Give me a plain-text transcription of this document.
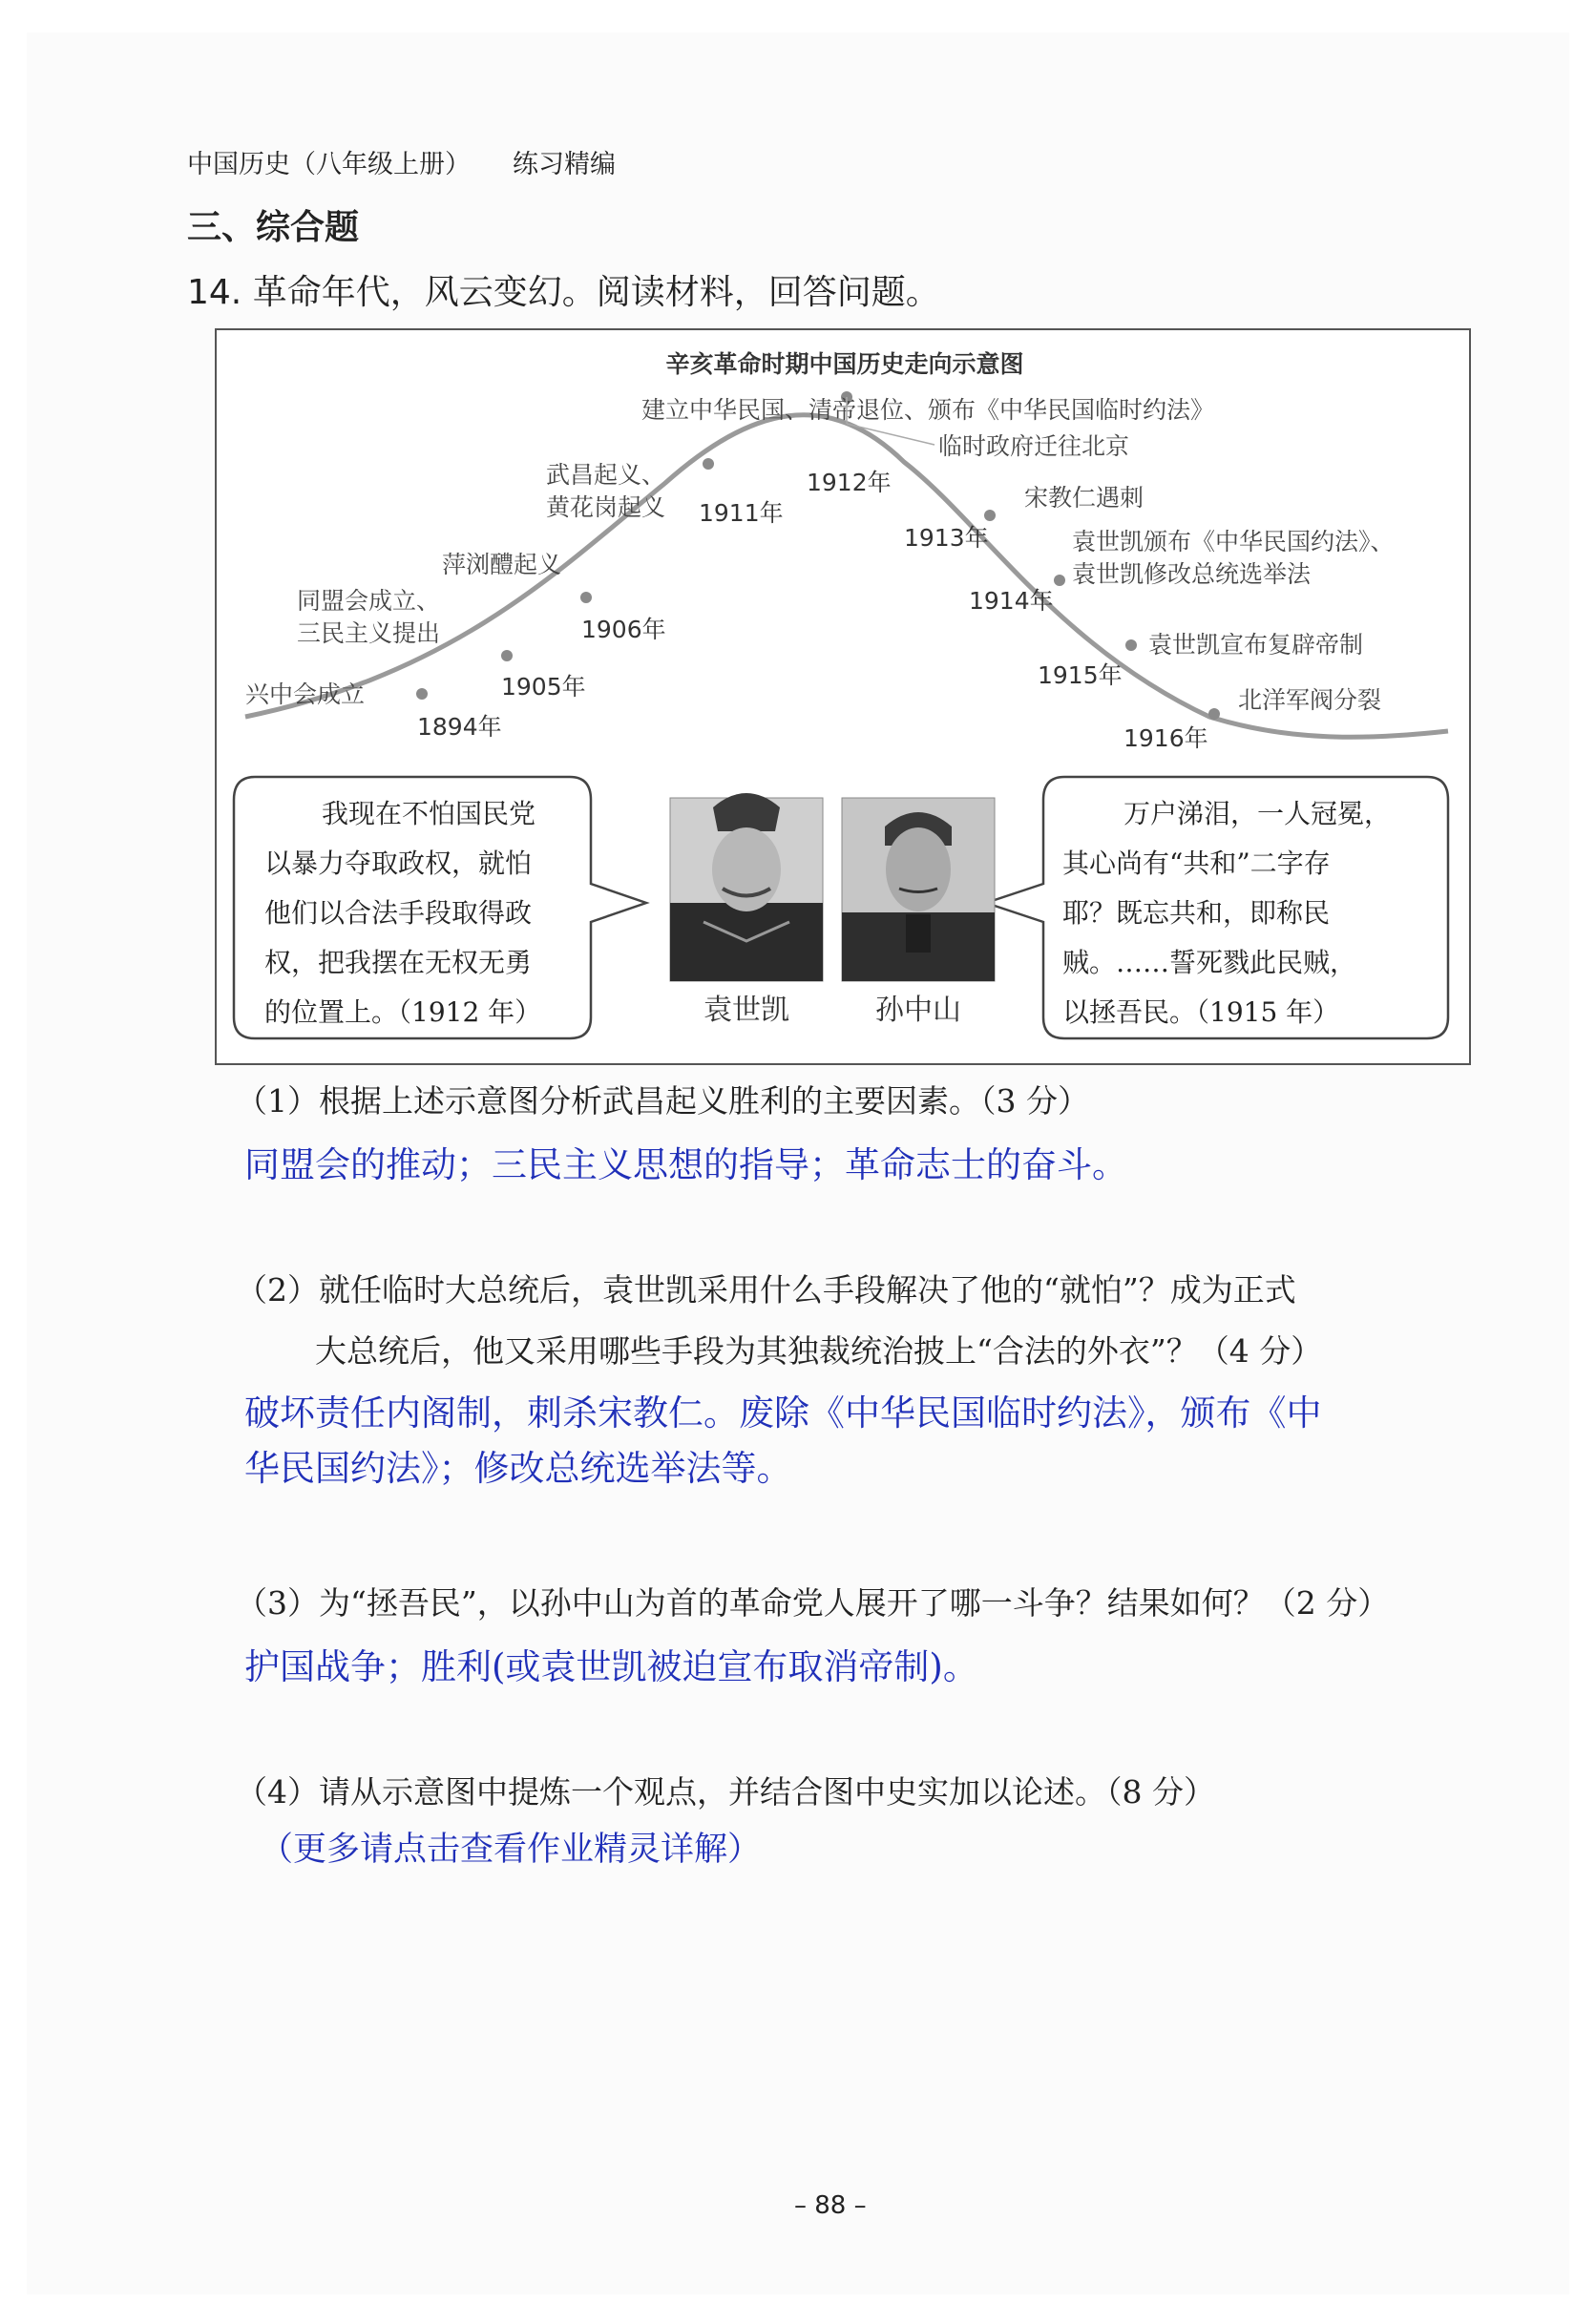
中国历史（八年级上册） 练习精编
三、综合题
14. 革命年代，风云变幻。阅读材料，回答问题。
辛亥革命时期中国历史走向示意图
1894年
1905年
1906年
1911年
1912年
1913年
1914年
1915年
1916年
兴中会成立
同盟会成立、
三民主义提出
萍浏醴起义
武昌起义、
黄花岗起义
建立中华民国、清帝退位、颁布《中华民国临时约法》
临时政府迁往北京
宋教仁遇刺
袁世凯颁布《中华民国约法》、
袁世凯修改总统选举法
袁世凯宣布复辟帝制
北洋军阀分裂
我现在不怕国民党
以暴力夺取政权，就怕
他们以合法手段取得政
权，把我摆在无权无勇
的位置上。（1912 年）
万户涕泪，一人冠冕，
其心尚有“共和”二字存
耶？既忘共和，即称民
贼。……誓死戮此民贼，
以拯吾民。（1915 年）
袁世凯	孙中山
（1）根据上述示意图分析武昌起义胜利的主要因素。（3 分）
同盟会的推动；三民主义思想的指导；革命志士的奋斗。
（2）就任临时大总统后，袁世凯采用什么手段解决了他的“就怕”？成为正式
大总统后，他又采用哪些手段为其独裁统治披上“合法的外衣”？（4 分）
破坏责任内阁制，刺杀宋教仁。废除《中华民国临时约法》，颁布《中
华民国约法》；修改总统选举法等。
（3）为“拯吾民”，以孙中山为首的革命党人展开了哪一斗争？结果如何？（2 分）
护国战争；胜利(或袁世凯被迫宣布取消帝制)。
（4）请从示意图中提炼一个观点，并结合图中史实加以论述。（8 分）
（更多请点击查看作业精灵详解）
– 88 –
